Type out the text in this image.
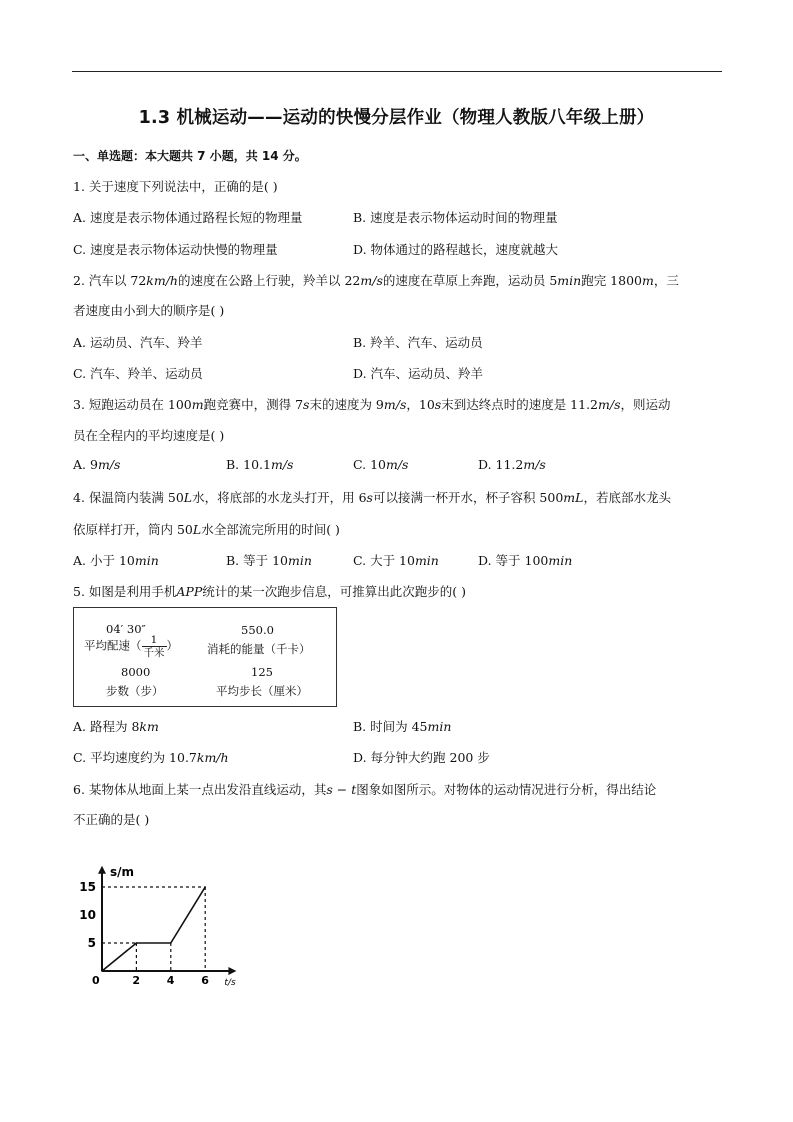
1.3 机械运动——运动的快慢分层作业（物理人教版八年级上册）
一、单选题：本大题共 7 小题，共 14 分。
1. 关于速度下列说法中，正确的是( )
A. 速度是表示物体通过路程长短的物理量	B. 速度是表示物体运动时间的物理量
C. 速度是表示物体运动快慢的物理量	D. 物体通过的路程越长，速度就越大
2. 汽车以 72km/h的速度在公路上行驶，羚羊以 22m/s的速度在草原上奔跑，运动员 5min跑完 1800m，三
者速度由小到大的顺序是( )
A. 运动员、汽车、羚羊	B. 羚羊、汽车、运动员
C. 汽车、羚羊、运动员	D. 汽车、运动员、羚羊
3. 短跑运动员在 100m跑竞赛中，测得 7s末的速度为 9m/s，10s末到达终点时的速度是 11.2m/s，则运动
员在全程内的平均速度是( )
A. 9m/s	B. 10.1m/s	C. 10m/s	D. 11.2m/s
4. 保温筒内装满 50L水，将底部的水龙头打开，用 6s可以接满一杯开水，杯子容积 500mL，若底部水龙头
依原样打开，筒内 50L水全部流完所用的时间( )
A. 小于 10min	B. 等于 10min	C. 大于 10min	D. 等于 100min
5. 如图是利用手机APP统计的某一次跑步信息，可推算出此次跑步的( )
04′ 30″
平均配速（ $\frac{1}{\text{千米}}$ ）
550.0
消耗的能量（千卡）
8000
步数（步）
125
平均步长（厘米）
A. 路程为 8km	B. 时间为 45min
C. 平均速度约为 10.7km/h	D. 每分钟大约跑 200 步
6. 某物体从地面上某一点出发沿直线运动，其s − t图象如图所示。对物体的运动情况进行分析，得出结论
不正确的是( )
s/m
t/s
0	2 4 6
5
10
15
